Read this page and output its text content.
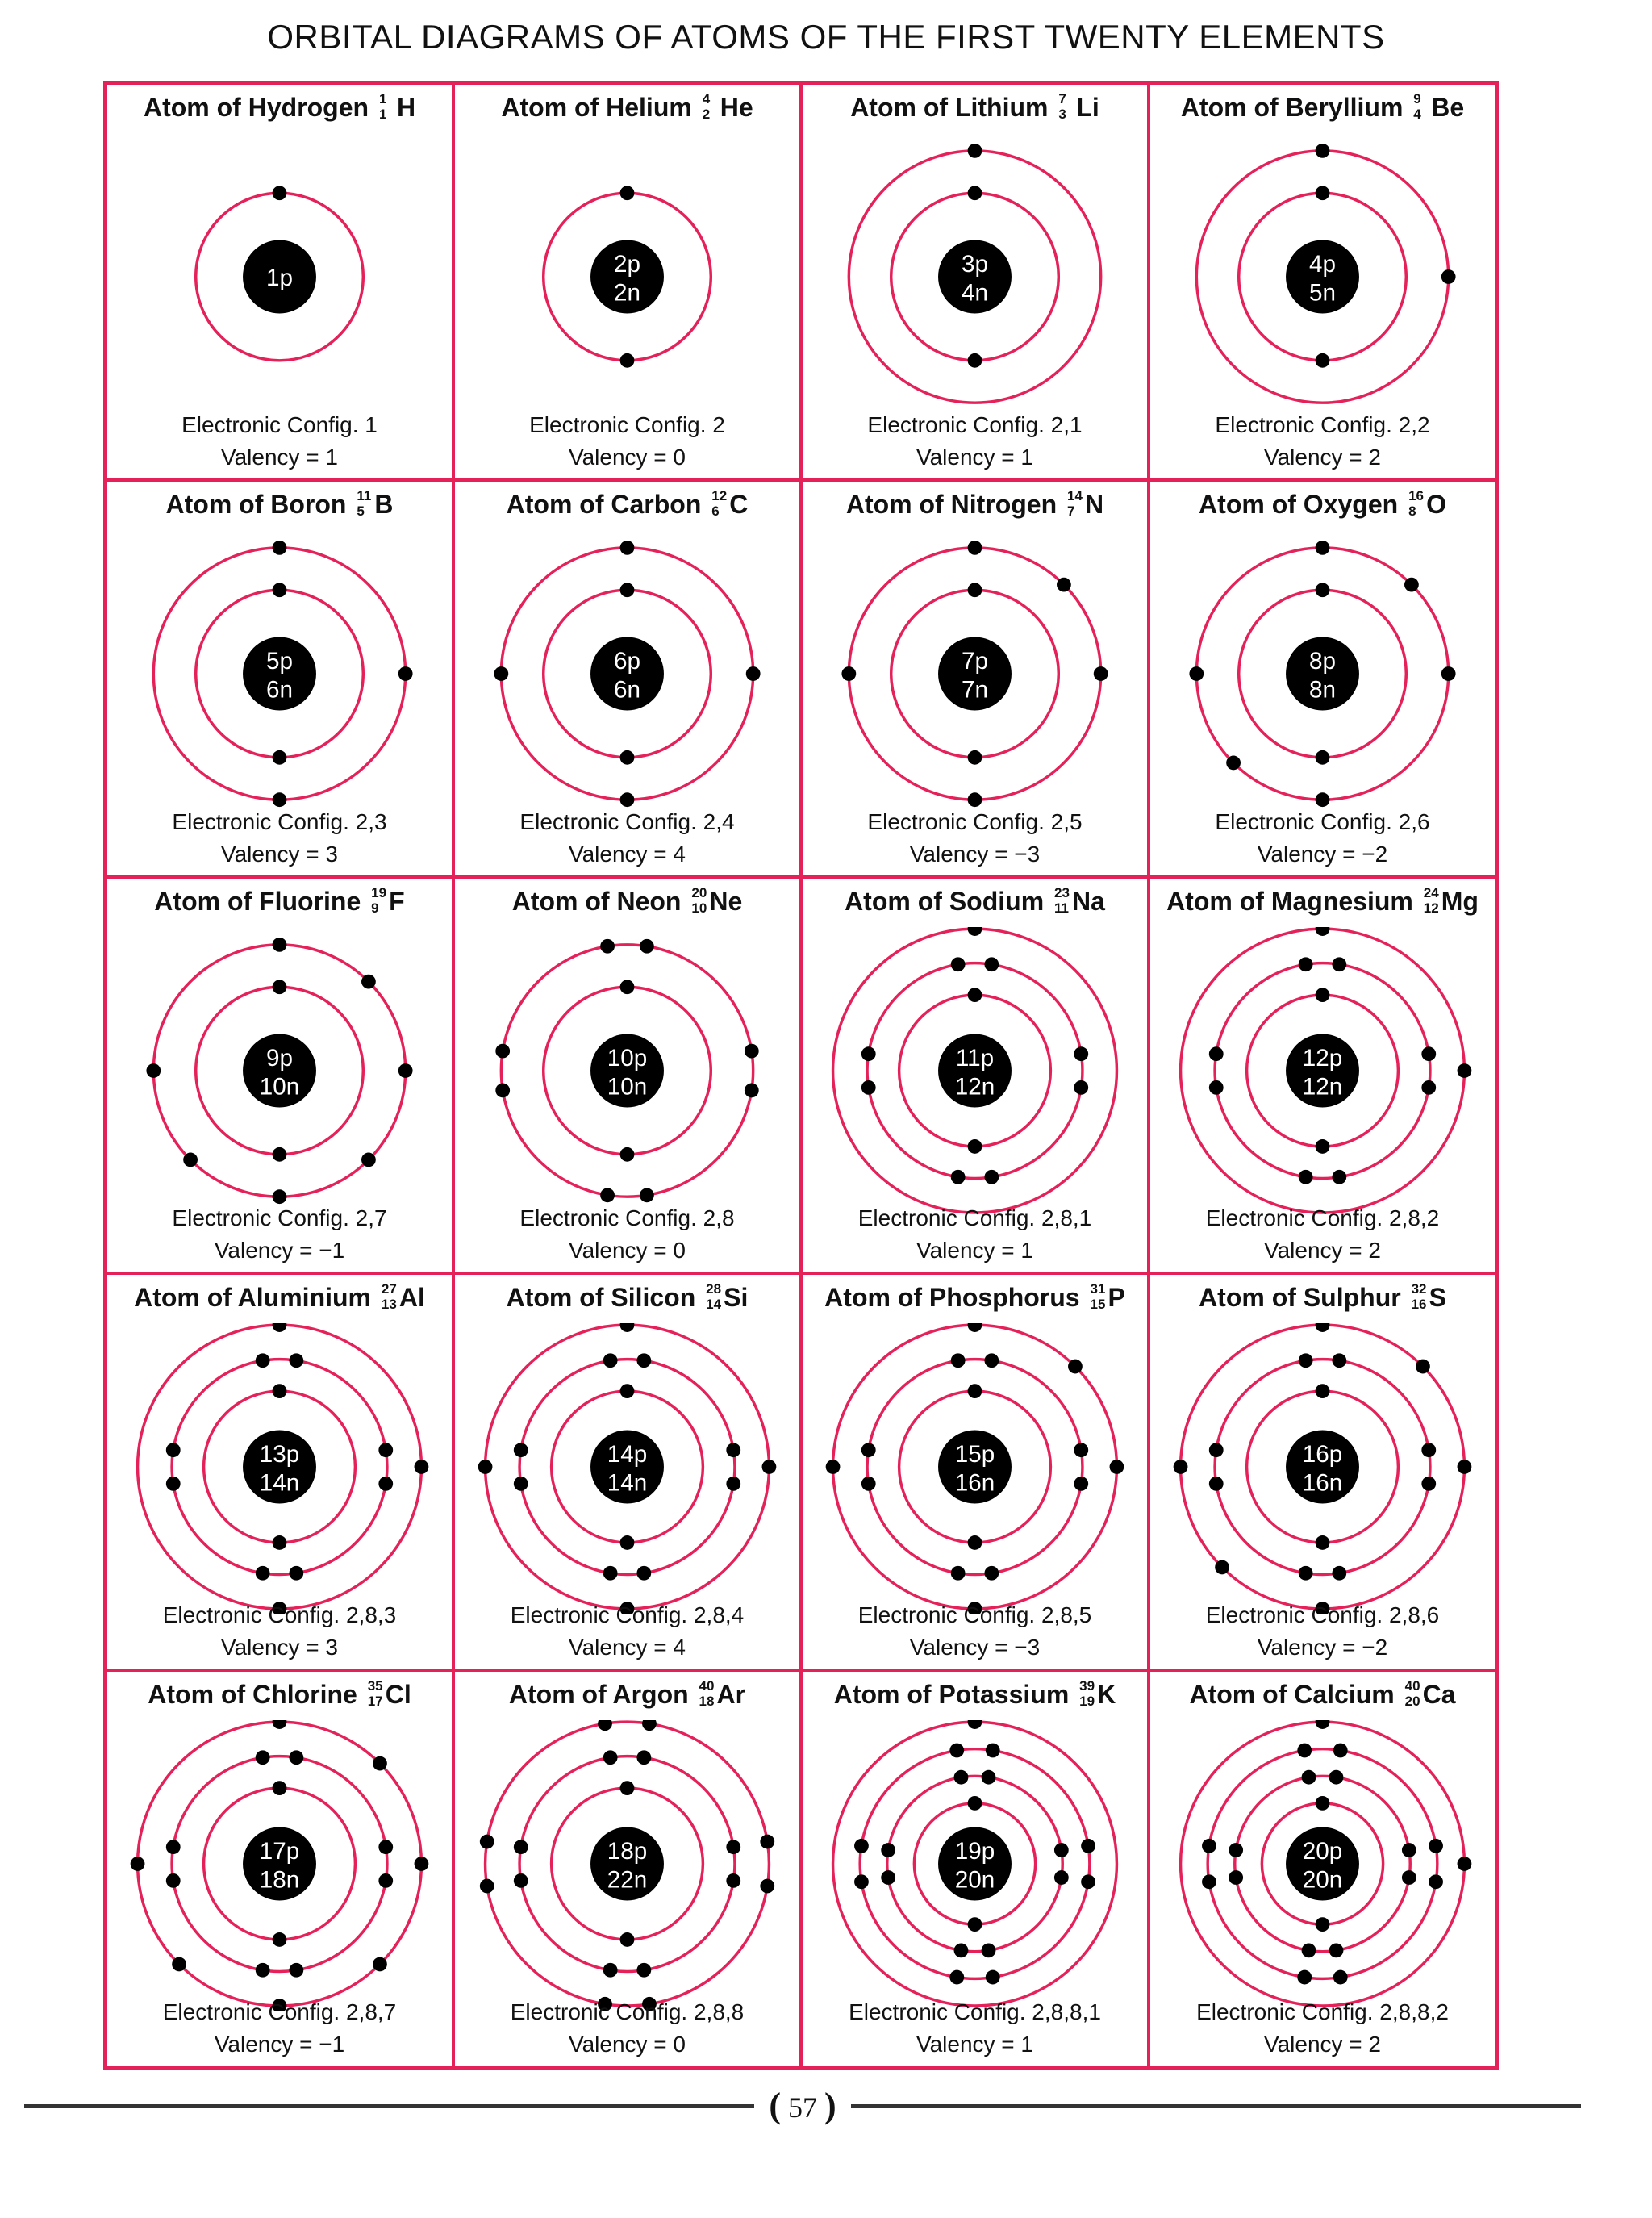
ORBITAL DIAGRAMS OF ATOMS OF THE FIRST TWENTY ELEMENTS
Atom of Hydrogen 1
1 H
1p
Electronic Config. 1
Valency = 1
Atom of Helium 4
2 He
2p
2n
Electronic Config. 2
Valency = 0
Atom of Lithium 7
3 Li
3p
4n
Electronic Config. 2,1
Valency = 1
Atom of Beryllium 9
4 Be
4p
5n
Electronic Config. 2,2
Valency = 2
Atom of Boron 11
5 B
5p
6n
Electronic Config. 2,3
Valency = 3
Atom of Carbon 12
6 C
6p
6n
Electronic Config. 2,4
Valency = 4
Atom of Nitrogen 14
7 N
7p
7n
Electronic Config. 2,5
Valency = −3
Atom of Oxygen 16
8 O
8p
8n
Electronic Config. 2,6
Valency = −2
Atom of Fluorine 19
9 F
9p
10n
Electronic Config. 2,7
Valency = −1
Atom of Neon 20
10 Ne
10p
10n
Electronic Config. 2,8
Valency = 0
Atom of Sodium 23
11 Na
11p
12n
Electronic Config. 2,8,1
Valency = 1
Atom of Magnesium 24
12 Mg
12p
12n
Electronic Config. 2,8,2
Valency = 2
Atom of Aluminium 27
13 Al
13p
14n
Electronic Config. 2,8,3
Valency = 3
Atom of Silicon 28
14 Si
14p
14n
Electronic Config. 2,8,4
Valency = 4
Atom of Phosphorus 31
15 P
15p
16n
Electronic Config. 2,8,5
Valency = −3
Atom of Sulphur 32
16 S
16p
16n
Electronic Config. 2,8,6
Valency = −2
Atom of Chlorine 35
17 Cl
17p
18n
Electronic Config. 2,8,7
Valency = −1
Atom of Argon 40
18 Ar
18p
22n
Electronic Config. 2,8,8
Valency = 0
Atom of Potassium 39
19 K
19p
20n
Electronic Config. 2,8,8,1
Valency = 1
Atom of Calcium 40
20 Ca
20p
20n
Electronic Config. 2,8,8,2
Valency = 2
( 57 )
